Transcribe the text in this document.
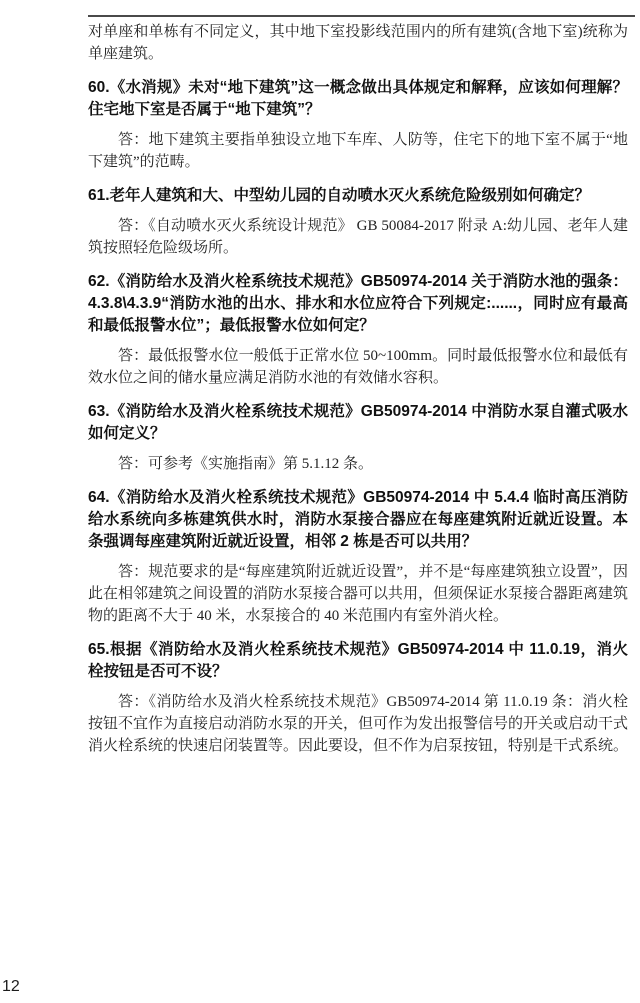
对单座和单栋有不同定义，其中地下室投影线范围内的所有建筑(含地下室)统称为单座建筑。

60.《水消规》未对“地下建筑”这一概念做出具体规定和解释，应该如何理解？住宅地下室是否属于“地下建筑”？

答：地下建筑主要指单独设立地下车库、人防等，住宅下的地下室不属于“地下建筑”的范畴。

61.老年人建筑和大、中型幼儿园的自动喷水灭火系统危险级别如何确定？

答：《自动喷水灭火系统设计规范》 GB 50084-2017 附录 A:幼儿园、老年人建筑按照轻危险级场所。

62.《消防给水及消火栓系统技术规范》GB50974-2014 关于消防水池的强条：4.3.8\4.3.9“消防水池的出水、排水和水位应符合下列规定:......，同时应有最高和最低报警水位”；最低报警水位如何定？

答：最低报警水位一般低于正常水位 50~100mm。同时最低报警水位和最低有效水位之间的储水量应满足消防水池的有效储水容积。

63.《消防给水及消火栓系统技术规范》GB50974-2014 中消防水泵自灌式吸水如何定义？

答：可参考《实施指南》第 5.1.12 条。

64.《消防给水及消火栓系统技术规范》GB50974-2014 中 5.4.4 临时高压消防给水系统向多栋建筑供水时，消防水泵接合器应在每座建筑附近就近设置。本条强调每座建筑附近就近设置，相邻 2 栋是否可以共用？

答：规范要求的是“每座建筑附近就近设置”，并不是“每座建筑独立设置”，因此在相邻建筑之间设置的消防水泵接合器可以共用，但须保证水泵接合器距离建筑物的距离不大于 40 米，水泵接合的 40 米范围内有室外消火栓。

65.根据《消防给水及消火栓系统技术规范》GB50974-2014 中 11.0.19，消火栓按钮是否可不设？

答：《消防给水及消火栓系统技术规范》GB50974-2014 第 11.0.19 条：消火栓按钮不宜作为直接启动消防水泵的开关，但可作为发出报警信号的开关或启动干式消火栓系统的快速启闭装置等。因此要设，但不作为启泵按钮，特别是干式系统。

12
